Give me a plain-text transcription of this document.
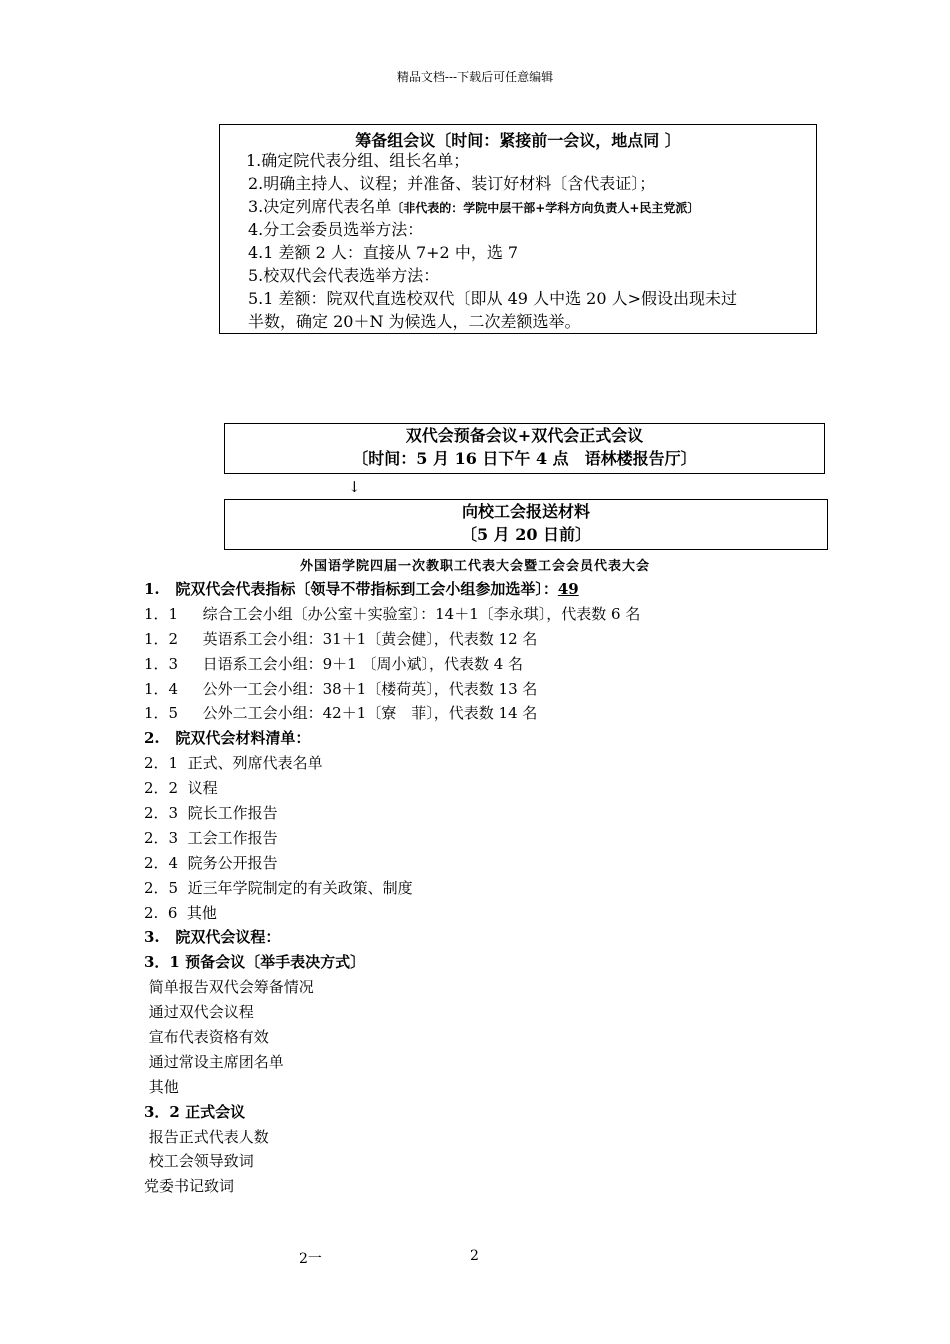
精品文档---下载后可任意编辑
筹备组会议〔时间：紧接前一会议，地点同 〕
1.确定院代表分组、组长名单；
2.明确主持人、议程；并准备、装订好材料〔含代表证〕；
3.决定列席代表名单〔非代表的：学院中层干部+学科方向负责人+民主党派〕
4.分工会委员选举方法：
4.1 差额 2 人：直接从 7+2 中，选 7
5.校双代会代表选举方法：
5.1 差额：院双代直选校双代〔即从 49 人中选 20 人>假设出现未过
半数，确定 20＋N 为候选人，二次差额选举。
双代会预备会议+双代会正式会议
〔时间：5 月 16 日下午 4 点　语林楼报告厅〕
↓
向校工会报送材料
〔5 月 20 日前〕
外国语学院四届一次教职工代表大会暨工会会员代表大会
1.   院双代会代表指标〔领导不带指标到工会小组参加选举〕：49
1．1　  综合工会小组〔办公室＋实验室〕：14＋1〔李永琪〕，代表数 6 名
1．2　  英语系工会小组：31＋1〔黄会健〕，代表数 12 名
1．3　  日语系工会小组：9＋1 〔周小斌〕，代表数 4 名
1．4　  公外一工会小组：38＋1〔楼荷英〕，代表数 13 名
1．5　  公外二工会小组：42＋1〔寮　菲〕，代表数 14 名
2.   院双代会材料清单：
2．1  正式、列席代表名单
2．2  议程
2．3  院长工作报告
2．3  工会工作报告
2．4  院务公开报告
2．5  近三年学院制定的有关政策、制度
2.  6  其他
3.   院双代会议程：
3．1 预备会议〔举手表决方式〕
简单报告双代会筹备情况
通过双代会议程
宣布代表资格有效
通过常设主席团名单
其他
3．2 正式会议
报告正式代表人数
校工会领导致词
党委书记致词
2一	2
